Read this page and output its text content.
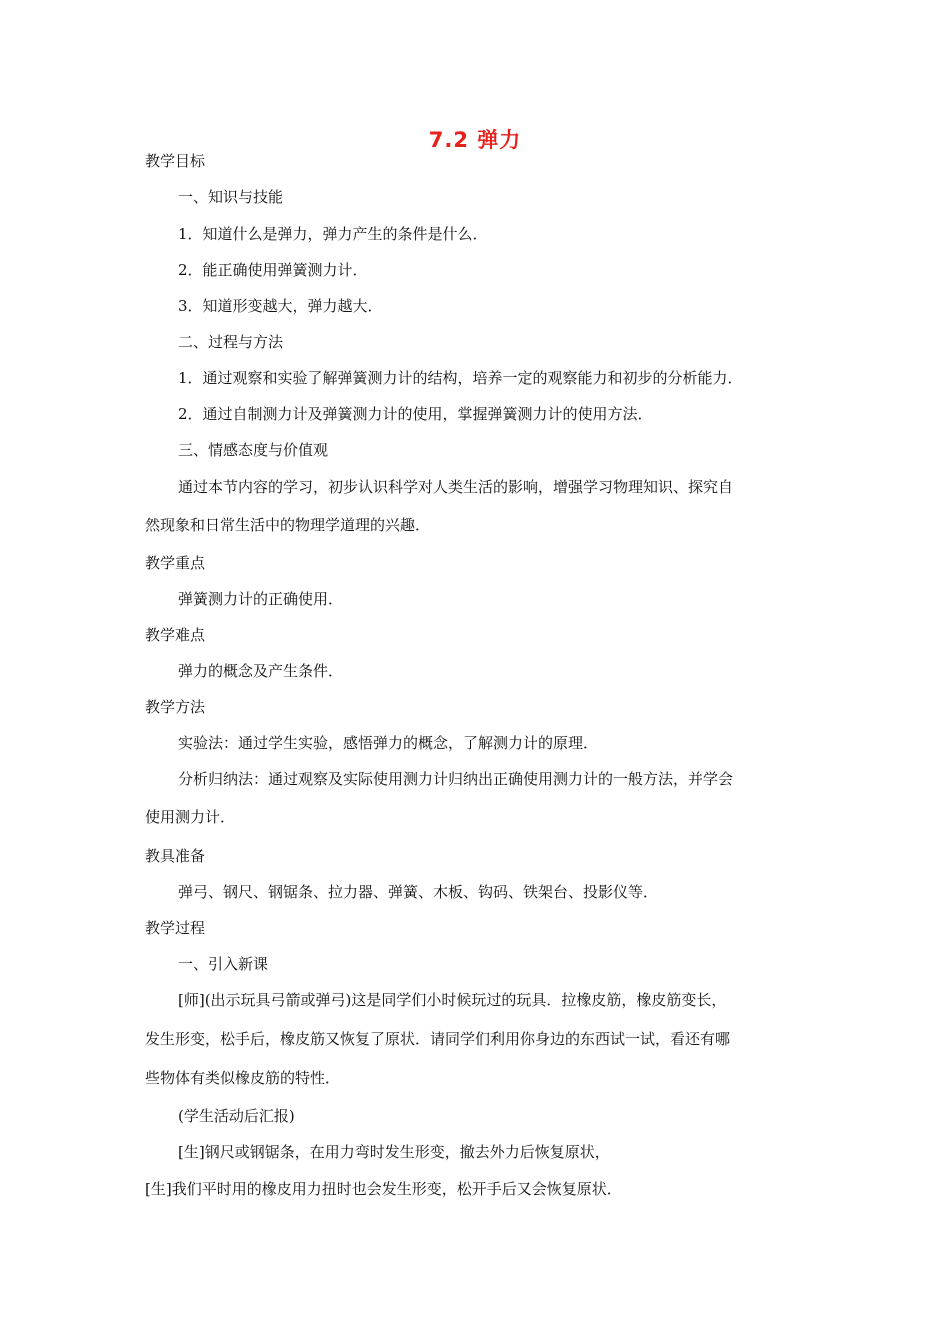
7.2 弹力
教学目标
一、知识与技能
1．知道什么是弹力，弹力产生的条件是什么．
2．能正确使用弹簧测力计．
3．知道形变越大，弹力越大．
二、过程与方法
1．通过观察和实验了解弹簧测力计的结构，培养一定的观察能力和初步的分析能力．
2．通过自制测力计及弹簧测力计的使用，掌握弹簧测力计的使用方法．
三、情感态度与价值观
通过本节内容的学习，初步认识科学对人类生活的影响，增强学习物理知识、探究自
然现象和日常生活中的物理学道理的兴趣．
教学重点
弹簧测力计的正确使用．
教学难点
弹力的概念及产生条件．
教学方法
实验法：通过学生实验，感悟弹力的概念，了解测力计的原理．
分析归纳法：通过观察及实际使用测力计归纳出正确使用测力计的一般方法，并学会
使用测力计．
教具准备
弹弓、钢尺、钢锯条、拉力器、弹簧、木板、钩码、铁架台、投影仪等．
教学过程
一、引入新课
[师](出示玩具弓箭或弹弓)这是同学们小时候玩过的玩具．拉橡皮筋，橡皮筋变长，
发生形变，松手后，橡皮筋又恢复了原状．请同学们利用你身边的东西试一试，看还有哪
些物体有类似橡皮筋的特性．
(学生活动后汇报)
[生]钢尺或钢锯条，在用力弯时发生形变，撤去外力后恢复原状，
[生]我们平时用的橡皮用力扭时也会发生形变，松开手后又会恢复原状．
